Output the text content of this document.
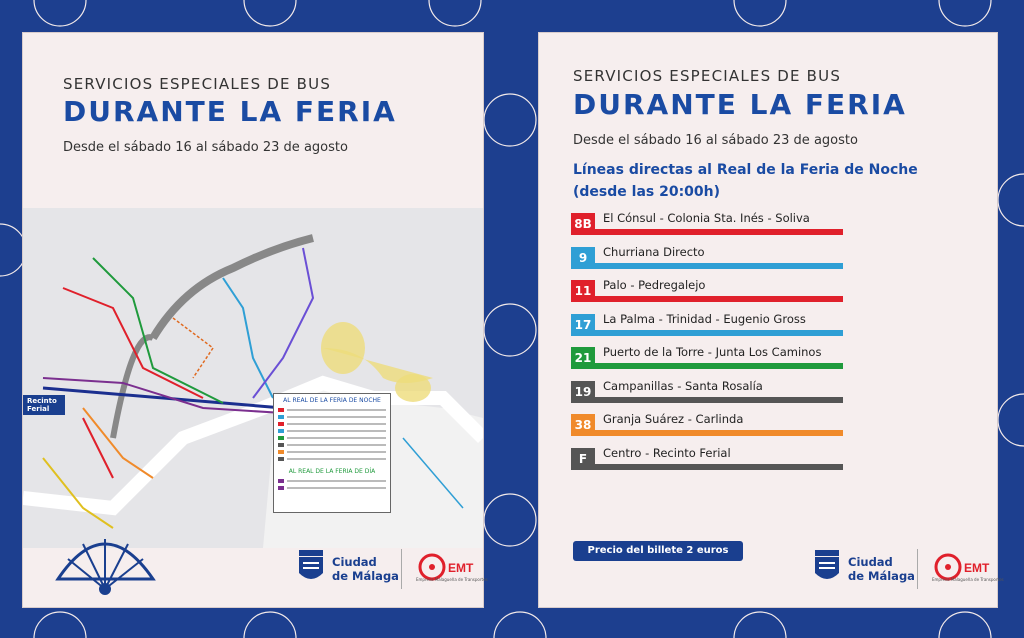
SERVICIOS ESPECIALES DE BUS
DURANTE LA FERIA
Desde el sábado 16 al sábado 23 de agosto
Recinto
Ferial
AL REAL DE LA FERIA DE NOCHE
AL REAL DE LA FERIA DE DÍA
Ciudad
de Málaga
EMT
Empresa Malagueña de Transportes
SERVICIOS ESPECIALES DE BUS
DURANTE LA FERIA
Desde el sábado 16 al sábado 23 de agosto
Líneas directas al Real de la Feria de Noche
(desde las 20:00h)
8B El Cónsul - Colonia Sta. Inés - Soliva
9	Churriana Directo
11	Palo - Pedregalejo
17	La Palma - Trinidad - Eugenio Gross
21	Puerto de la Torre - Junta Los Caminos
19	Campanillas - Santa Rosalía
38	Granja Suárez - Carlinda
F	Centro - Recinto Ferial
Precio del billete 2 euros
Ciudad
de Málaga
EMT
Empresa Malagueña de Transportes
